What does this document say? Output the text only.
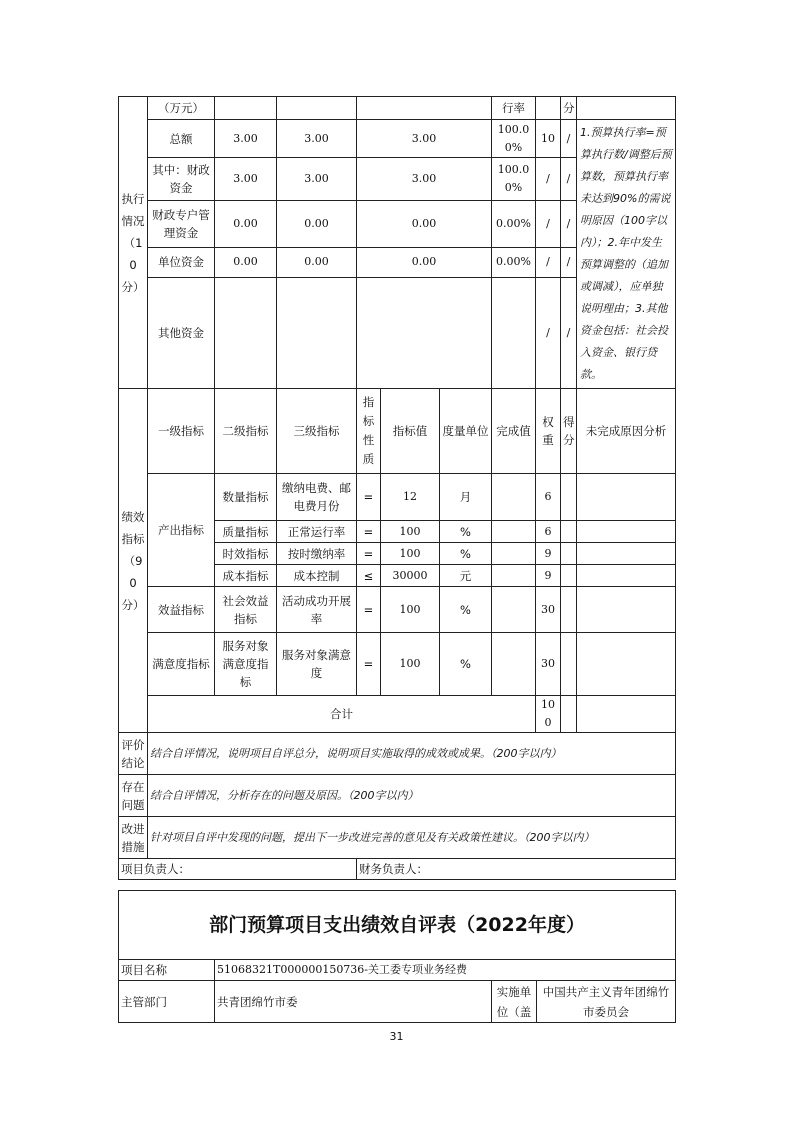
执行情况（10分）	（万元）						行率		分	
	总额	3.00	3.00	3.00			100.00%	10	/	1.预算执行率=预算执行数/调整后预算数，预算执行率未达到90%的需说明原因（100字以内）；2.年中发生预算调整的（追加或调减），应单独说明理由；3.其他资金包括：社会投入资金、银行贷款。
	其中：财政资金	3.00	3.00	3.00			100.00%	/	/	
	财政专户管理资金	0.00	0.00	0.00			0.00%	/	/	
	单位资金	0.00	0.00	0.00			0.00%	/	/	
	其他资金							/	/	
绩效指标（90分）	一级指标	二级指标	三级指标	指标性质	指标值	度量单位	完成值	权重	得分	未完成原因分析
	产出指标	数量指标	缴纳电费、邮电费月份	=	12	月		6		
		质量指标	正常运行率	=	100	%		6		
		时效指标	按时缴纳率	=	100	%		9		
		成本指标	成本控制	≤	30000	元		9		
	效益指标	社会效益指标	活动成功开展率	=	100	%		30		
	满意度指标	服务对象满意度指标	服务对象满意度	=	100	%		30		
	合计							100		
评价结论	结合自评情况，说明项目自评总分，说明项目实施取得的成效或成果。（200字以内）									
存在问题	结合自评情况，分析存在的问题及原因。（200字以内）									
改进措施	针对项目自评中发现的问题，提出下一步改进完善的意见及有关政策性建议。（200字以内）									
项目负责人：				财务负责人：						
部门预算项目支出绩效自评表（2022年度）			
项目名称	51068321T000000150736-关工委专项业务经费		
主管部门	共青团绵竹市委	实施单位（盖	中国共产主义青年团绵竹市委员会
31
